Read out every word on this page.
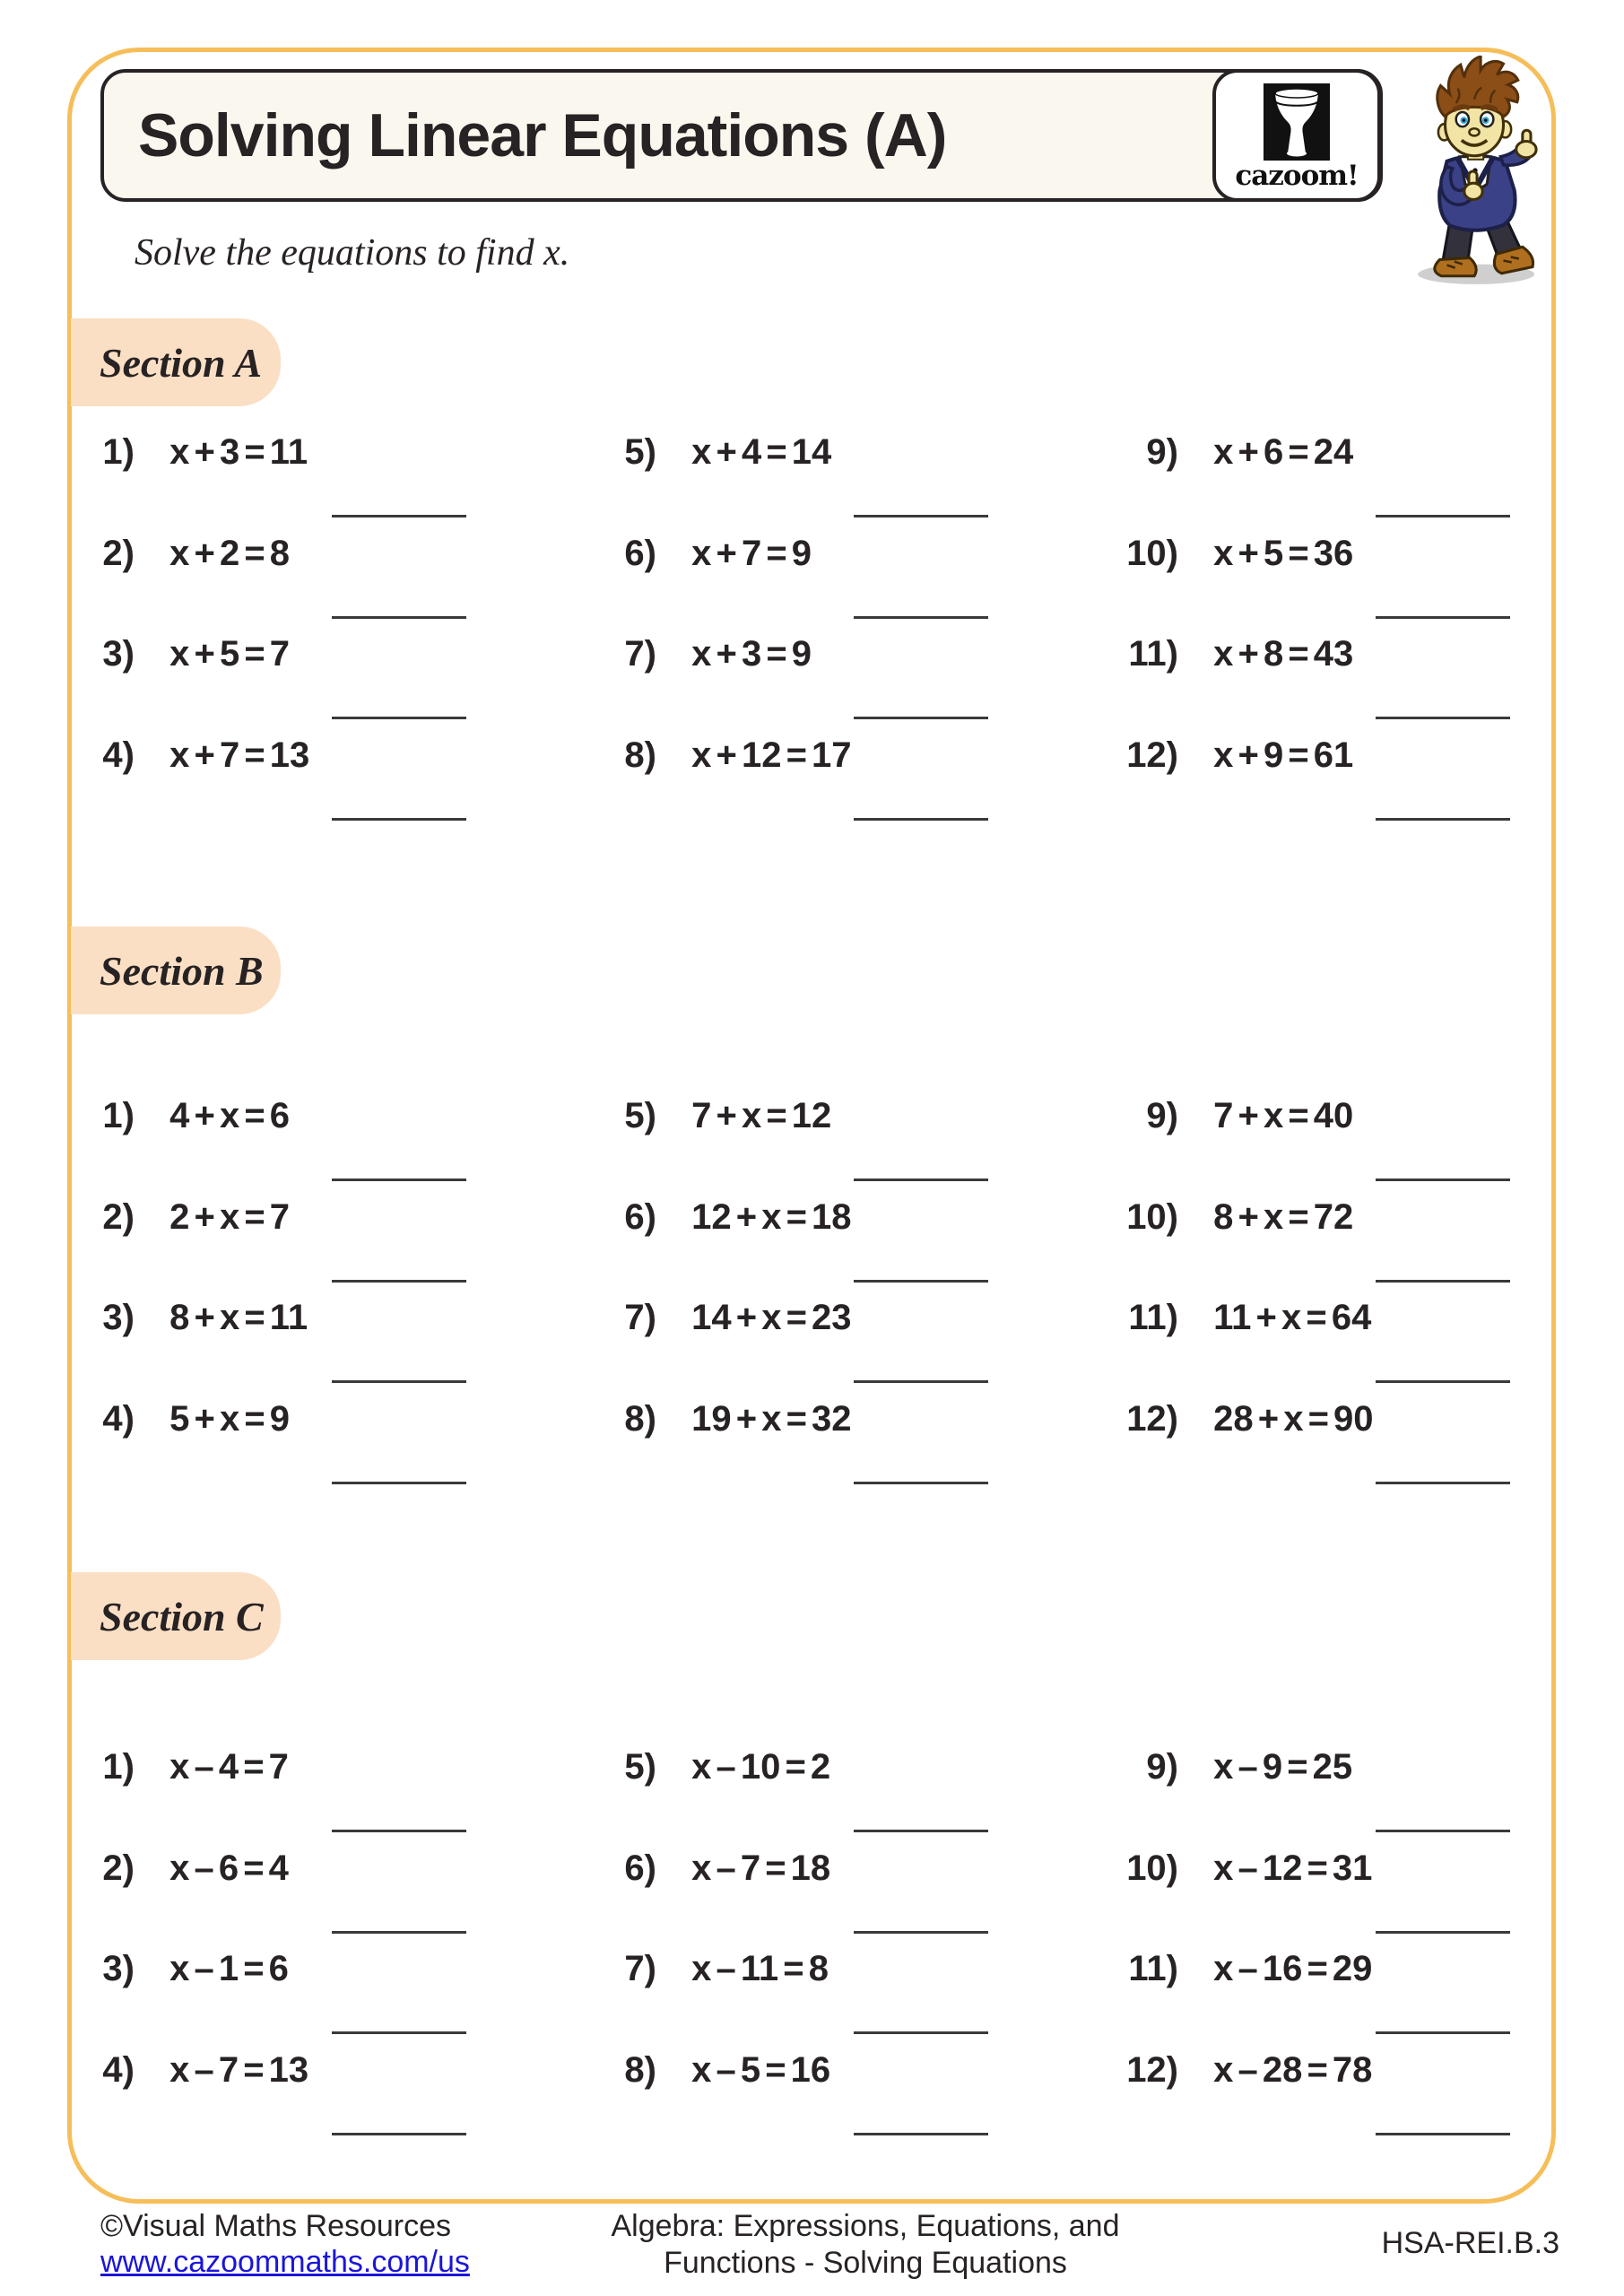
Solving Linear Equations (A)
cazoom!
Solve the equations to find x.
Section A
1) x + 3 = 11
2) x + 2 = 8
3) x + 5 = 7
4) x + 7 = 13
5) x + 4 = 14
6) x + 7 = 9
7) x + 3 = 9
8) x + 12 = 17
9) x + 6 = 24
10) x + 5 = 36
11) x + 8 = 43
12) x + 9 = 61
Section B
1) 4 + x = 6
2) 2 + x = 7
3) 8 + x = 11
4) 5 + x = 9
5) 7 + x = 12
6) 12 + x = 18
7) 14 + x = 23
8) 19 + x = 32
9) 7 + x = 40
10) 8 + x = 72
11) 11 + x = 64
12) 28 + x = 90
Section C
1) x – 4 = 7
2) x – 6 = 4
3) x – 1 = 6
4) x – 7 = 13
5) x – 10 = 2
6) x – 7 = 18
7) x – 11 = 8
8) x – 5 = 16
9) x – 9 = 25
10) x – 12 = 31
11) x – 16 = 29
12) x – 28 = 78
©Visual Maths Resources
www.cazoommaths.com/us
Algebra: Expressions, Equations, and
Functions - Solving Equations
HSA-REI.B.3
